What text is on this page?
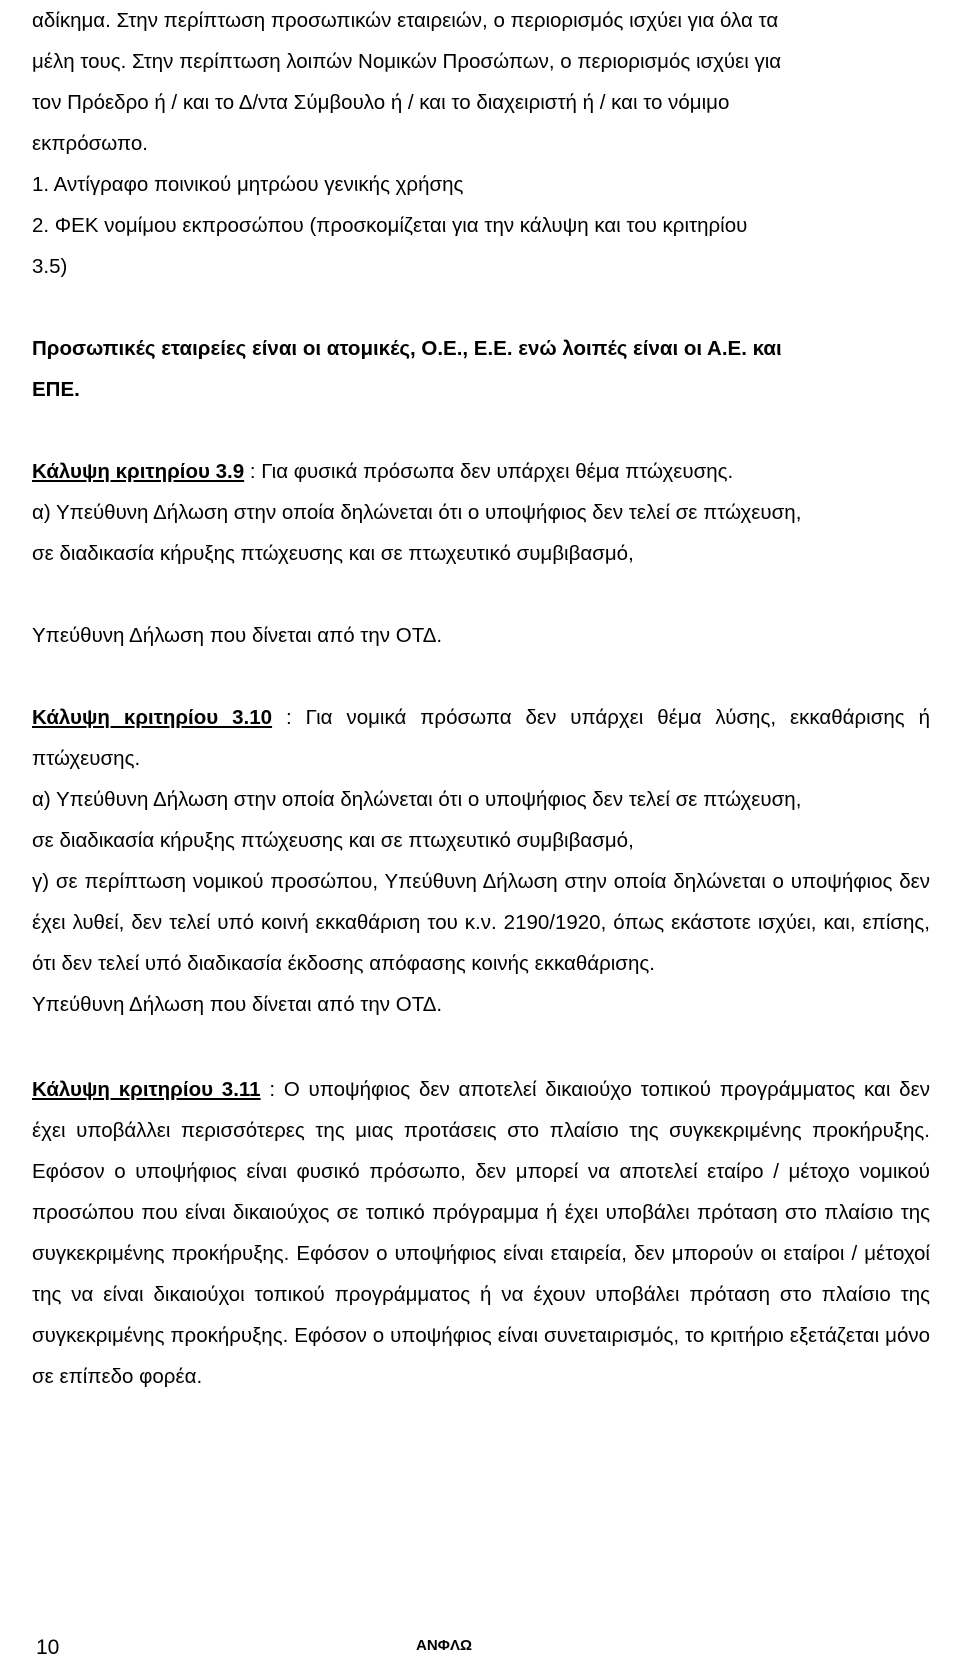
αδίκημα. Στην περίπτωση προσωπικών εταιρειών, ο περιορισμός ισχύει για όλα τα

μέλη τους. Στην περίπτωση λοιπών Νομικών Προσώπων, ο περιορισμός ισχύει για

τον Πρόεδρο ή / και το Δ/ντα Σύμβουλο ή / και το διαχειριστή ή / και το νόμιμο

εκπρόσωπο.

1. Αντίγραφο ποινικού μητρώου γενικής χρήσης

2. ΦΕΚ νομίμου εκπροσώπου (προσκομίζεται για την κάλυψη και του κριτηρίου

3.5)

Προσωπικές εταιρείες είναι οι ατομικές, Ο.Ε., Ε.Ε. ενώ λοιπές είναι οι Α.Ε. και

ΕΠΕ.

Κάλυψη κριτηρίου 3.9 : Για φυσικά πρόσωπα δεν υπάρχει θέμα πτώχευσης.

α) Υπεύθυνη Δήλωση στην οποία δηλώνεται ότι ο υποψήφιος δεν τελεί σε πτώχευση,

σε διαδικασία κήρυξης πτώχευσης και σε πτωχευτικό συμβιβασμό,

Υπεύθυνη Δήλωση που δίνεται από την ΟΤΔ.

Κάλυψη κριτηρίου 3.10 : Για νομικά πρόσωπα δεν υπάρχει θέμα λύσης, εκκαθάρισης ή πτώχευσης.

α) Υπεύθυνη Δήλωση στην οποία δηλώνεται ότι ο υποψήφιος δεν τελεί σε πτώχευση,

σε διαδικασία κήρυξης πτώχευσης και σε πτωχευτικό συμβιβασμό,

γ) σε περίπτωση νομικού προσώπου, Υπεύθυνη Δήλωση στην οποία δηλώνεται ο υποψήφιος δεν έχει λυθεί, δεν τελεί υπό κοινή εκκαθάριση του κ.ν. 2190/1920, όπως εκάστοτε ισχύει, και, επίσης, ότι δεν τελεί υπό διαδικασία έκδοσης απόφασης κοινής εκκαθάρισης.

Υπεύθυνη Δήλωση που δίνεται από την ΟΤΔ.

Κάλυψη κριτηρίου 3.11 : Ο υποψήφιος δεν αποτελεί δικαιούχο τοπικού προγράμματος και δεν έχει υποβάλλει περισσότερες της μιας προτάσεις στο πλαίσιο της συγκεκριμένης προκήρυξης. Εφόσον ο υποψήφιος είναι φυσικό πρόσωπο, δεν μπορεί να αποτελεί εταίρο / μέτοχο νομικού προσώπου που είναι δικαιούχος σε τοπικό πρόγραμμα ή έχει υποβάλει πρόταση στο πλαίσιο της συγκεκριμένης προκήρυξης. Εφόσον ο υποψήφιος είναι εταιρεία, δεν μπορούν οι εταίροι / μέτοχοί της να είναι δικαιούχοι τοπικού προγράμματος ή να έχουν υποβάλει πρόταση στο πλαίσιο της συγκεκριμένης προκήρυξης. Εφόσον ο υποψήφιος είναι συνεταιρισμός, το κριτήριο εξετάζεται μόνο σε επίπεδο φορέα.

10	ΑΝΦΛΩ
